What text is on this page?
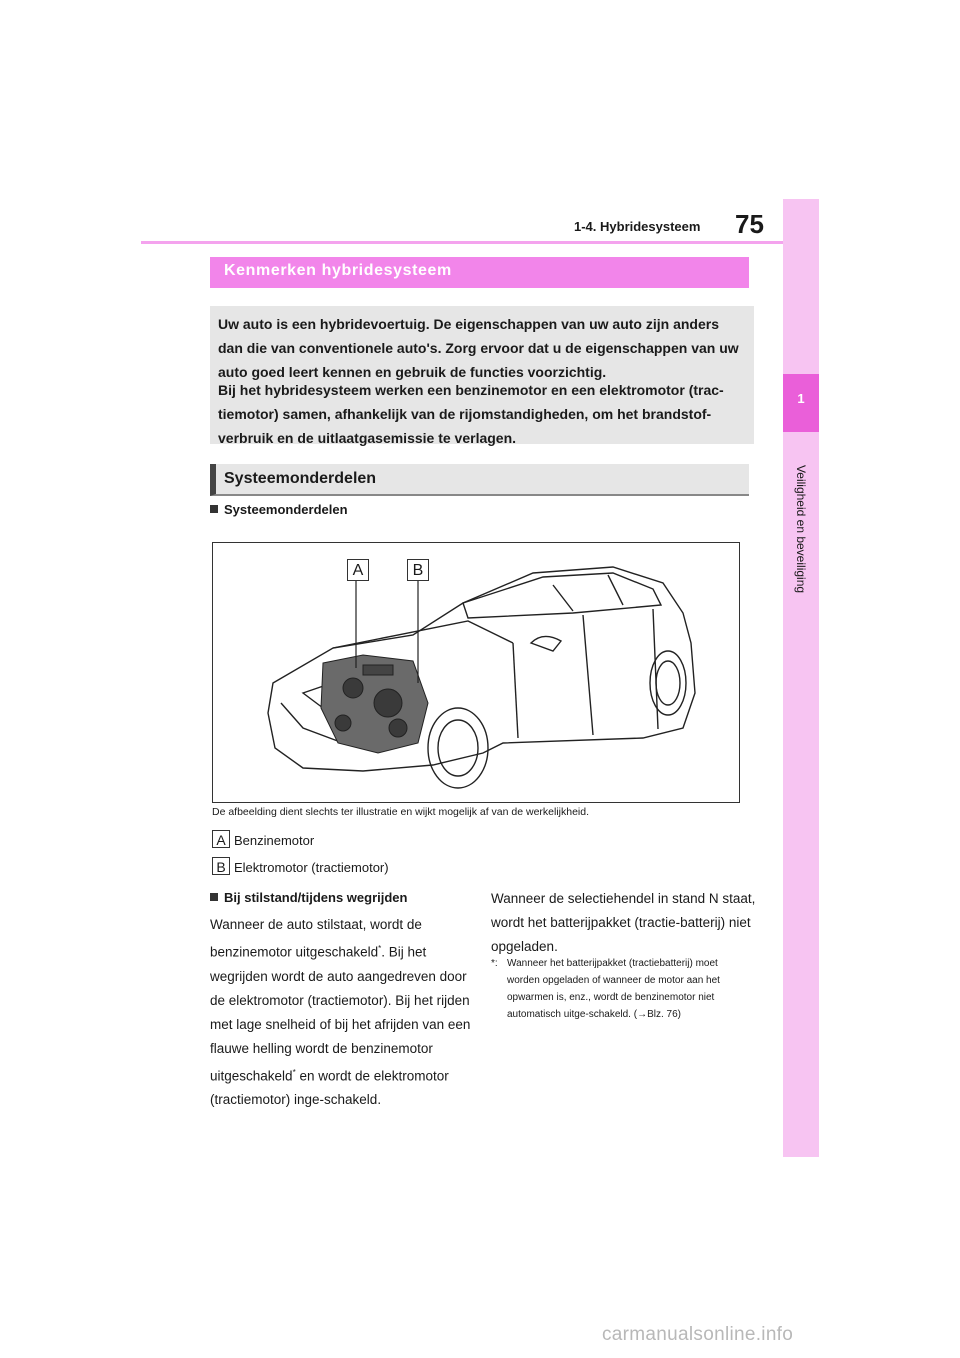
1-4. Hybridesysteem 75
1
Veiligheid en beveiliging
Kenmerken hybridesysteem
Uw auto is een hybridevoertuig. De eigenschappen van uw auto zijn anders dan die van conventionele auto's. Zorg ervoor dat u de eigenschappen van uw auto goed leert kennen en gebruik de functies voorzichtig.
Bij het hybridesysteem werken een benzinemotor en een elektromotor (trac-tiemotor) samen, afhankelijk van de rijomstandigheden, om het brandstof-verbruik en de uitlaatgasemissie te verlagen.
Systeemonderdelen
Systeemonderdelen
A	B
De afbeelding dient slechts ter illustratie en wijkt mogelijk af van de werkelijkheid.
A Benzinemotor
B Elektromotor (tractiemotor)
Bij stilstand/tijdens wegrijden
Wanneer de auto stilstaat, wordt de benzinemotor uitgeschakeld*. Bij het wegrijden wordt de auto aangedreven door de elektromotor (tractiemotor). Bij het rijden met lage snelheid of bij het afrijden van een flauwe helling wordt de benzinemotor uitgeschakeld* en wordt de elektromotor (tractiemotor) inge-schakeld.
Wanneer de selectiehendel in stand N staat, wordt het batterijpakket (tractie-batterij) niet opgeladen.
*: Wanneer het batterijpakket (tractiebatterij) moet worden opgeladen of wanneer de motor aan het opwarmen is, enz., wordt de benzinemotor niet automatisch uitge-schakeld. (→Blz. 76)
carmanualsonline.info
